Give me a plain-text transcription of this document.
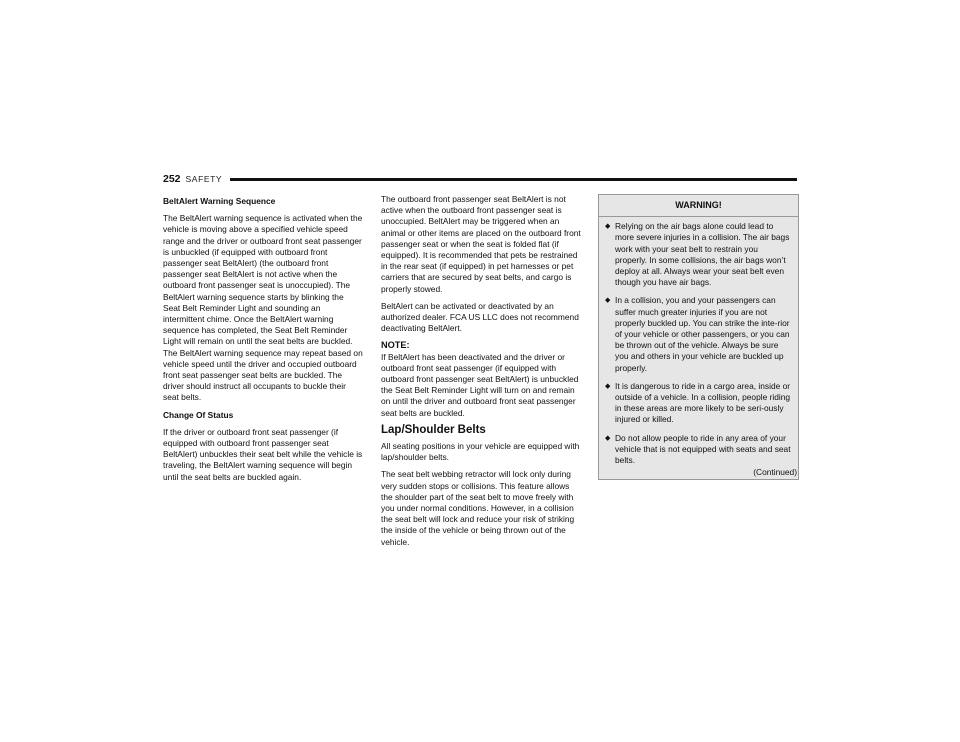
252 SAFETY
BeltAlert Warning Sequence

The BeltAlert warning sequence is activated when the vehicle is moving above a specified vehicle speed range and the driver or outboard front seat passenger is unbuckled (if equipped with outboard front passenger seat BeltAlert) (the outboard front passenger seat BeltAlert is not active when the outboard front passenger seat is unoccupied). The BeltAlert warning sequence starts by blinking the Seat Belt Reminder Light and sounding an intermittent chime. Once the BeltAlert warning sequence has completed, the Seat Belt Reminder Light will remain on until the seat belts are buckled. The BeltAlert warning sequence may repeat based on vehicle speed until the driver and occupied outboard front seat passenger seat belts are buckled. The driver should instruct all occupants to buckle their seat belts.

Change Of Status

If the driver or outboard front seat passenger (if equipped with outboard front passenger seat BeltAlert) unbuckles their seat belt while the vehicle is traveling, the BeltAlert warning sequence will begin until the seat belts are buckled again.

The outboard front passenger seat BeltAlert is not active when the outboard front passenger seat is unoccupied. BeltAlert may be triggered when an animal or other items are placed on the outboard front passenger seat or when the seat is folded flat (if equipped). It is recommended that pets be restrained in the rear seat (if equipped) in pet harnesses or pet carriers that are secured by seat belts, and cargo is properly stowed.

BeltAlert can be activated or deactivated by an authorized dealer. FCA US LLC does not recommend deactivating BeltAlert.

NOTE:

If BeltAlert has been deactivated and the driver or outboard front seat passenger (if equipped with outboard front passenger seat BeltAlert) is unbuckled the Seat Belt Reminder Light will turn on and remain on until the driver and outboard front seat passenger seat belts are buckled.

Lap/Shoulder Belts

All seating positions in your vehicle are equipped with lap/shoulder belts.

The seat belt webbing retractor will lock only during very sudden stops or collisions. This feature allows the shoulder part of the seat belt to move freely with you under normal conditions. However, in a collision the seat belt will lock and reduce your risk of striking the inside of the vehicle or being thrown out of the vehicle.

WARNING!
◆ Relying on the air bags alone could lead to more severe injuries in a collision. The air bags work with your seat belt to restrain you properly. In some collisions, the air bags won’t deploy at all. Always wear your seat belt even though you have air bags.
◆ In a collision, you and your passengers can suffer much greater injuries if you are not properly buckled up. You can strike the inte-rior of your vehicle or other passengers, or you can be thrown out of the vehicle. Always be sure you and others in your vehicle are buckled up properly.
◆ It is dangerous to ride in a cargo area, inside or outside of a vehicle. In a collision, people riding in these areas are more likely to be seri-ously injured or killed.
◆ Do not allow people to ride in any area of your vehicle that is not equipped with seats and seat belts.
(Continued)
